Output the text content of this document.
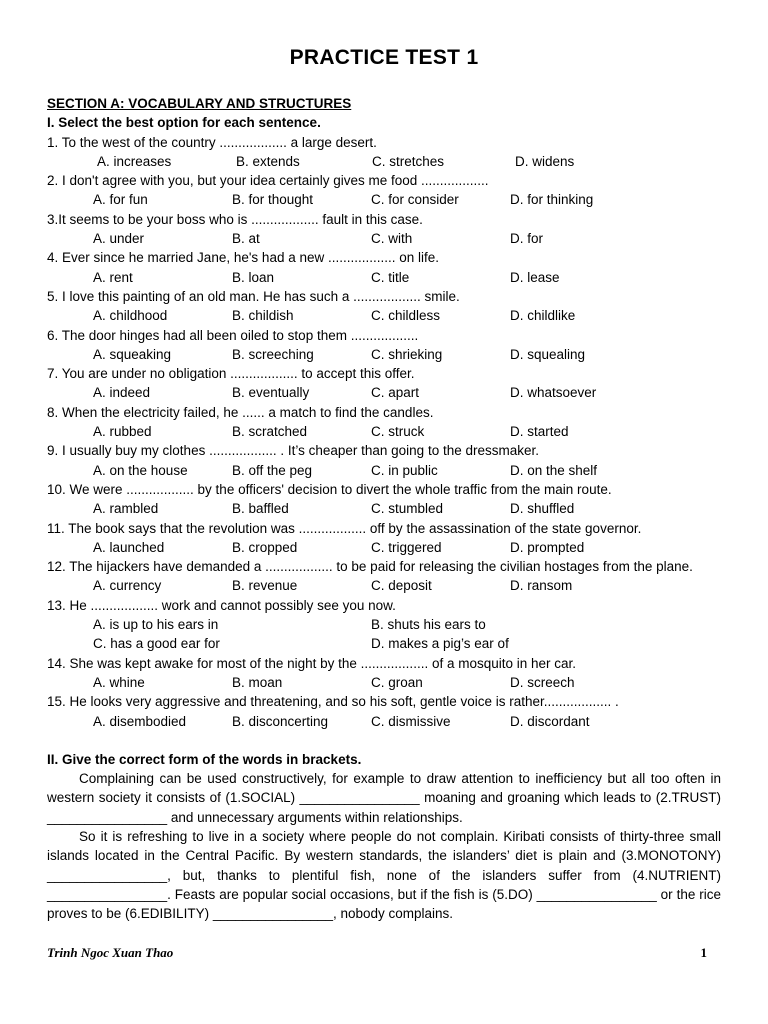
PRACTICE TEST 1
SECTION A: VOCABULARY AND STRUCTURES
I. Select the best option for each sentence.
1. To the west of the country .................. a large desert.
A. increases	B. extends	C. stretches	D. widens
2. I don't agree with you, but your idea certainly gives me food ..................
A. for fun	B. for thought	C. for consider	D. for thinking
3.It seems to be your boss who is .................. fault in this case.
A. under	B. at	C. with	D. for
4. Ever since he married Jane, he's had a new .................. on life.
A. rent	B. loan	C. title	D. lease
5. I love this painting of an old man. He has such a .................. smile.
A. childhood	B. childish	C. childless	D. childlike
6. The door hinges had all been oiled to stop them ..................
A. squeaking	B. screeching	C. shrieking	D. squealing
7. You are under no obligation .................. to accept this offer.
A. indeed	B. eventually	C. apart	D. whatsoever
8. When the electricity failed, he ...... a match to find the candles.
A. rubbed	B. scratched	C. struck	D. started
9. I usually buy my clothes .................. . It’s cheaper than going to the dressmaker.
A. on the house	B. off the peg	C. in public	D. on the shelf
10. We were .................. by the officers' decision to divert the whole traffic from the main route.
A. rambled	B. baffled	C. stumbled	D. shuffled
11. The book says that the revolution was .................. off by the assassination of the state governor.
A. launched	B. cropped	C. triggered	D. prompted
12. The hijackers have demanded a .................. to be paid for releasing the civilian hostages from the plane.
A. currency	B. revenue	C. deposit	D. ransom
13. He .................. work and cannot possibly see you now.
A. is up to his ears in	B. shuts his ears to
C. has a good ear for	D. makes a pig’s ear of
14. She was kept awake for most of the night by the .................. of a mosquito in her car.
A. whine	B. moan	C. groan	D. screech
15. He looks very aggressive and threatening, and so his soft, gentle voice is rather.................. .
A. disembodied	B. disconcerting	C. dismissive	D. discordant
II. Give the correct form of the words in brackets.

Complaining can be used constructively, for example to draw attention to inefficiency but all too often in western society it consists of (1.SOCIAL) ________________ moaning and groaning which leads to (2.TRUST) ________________ and unnecessary arguments within relationships.

So it is refreshing to live in a society where people do not complain. Kiribati consists of thirty-three small islands located in the Central Pacific. By western standards, the islanders’ diet is plain and (3.MONOTONY) ________________, but, thanks to plentiful fish, none of the islanders suffer from (4.NUTRIENT) ________________. Feasts are popular social occasions, but if the fish is (5.DO) ________________ or the rice proves to be (6.EDIBILITY) ________________, nobody complains.

Trinh Ngoc Xuan Thao	1
